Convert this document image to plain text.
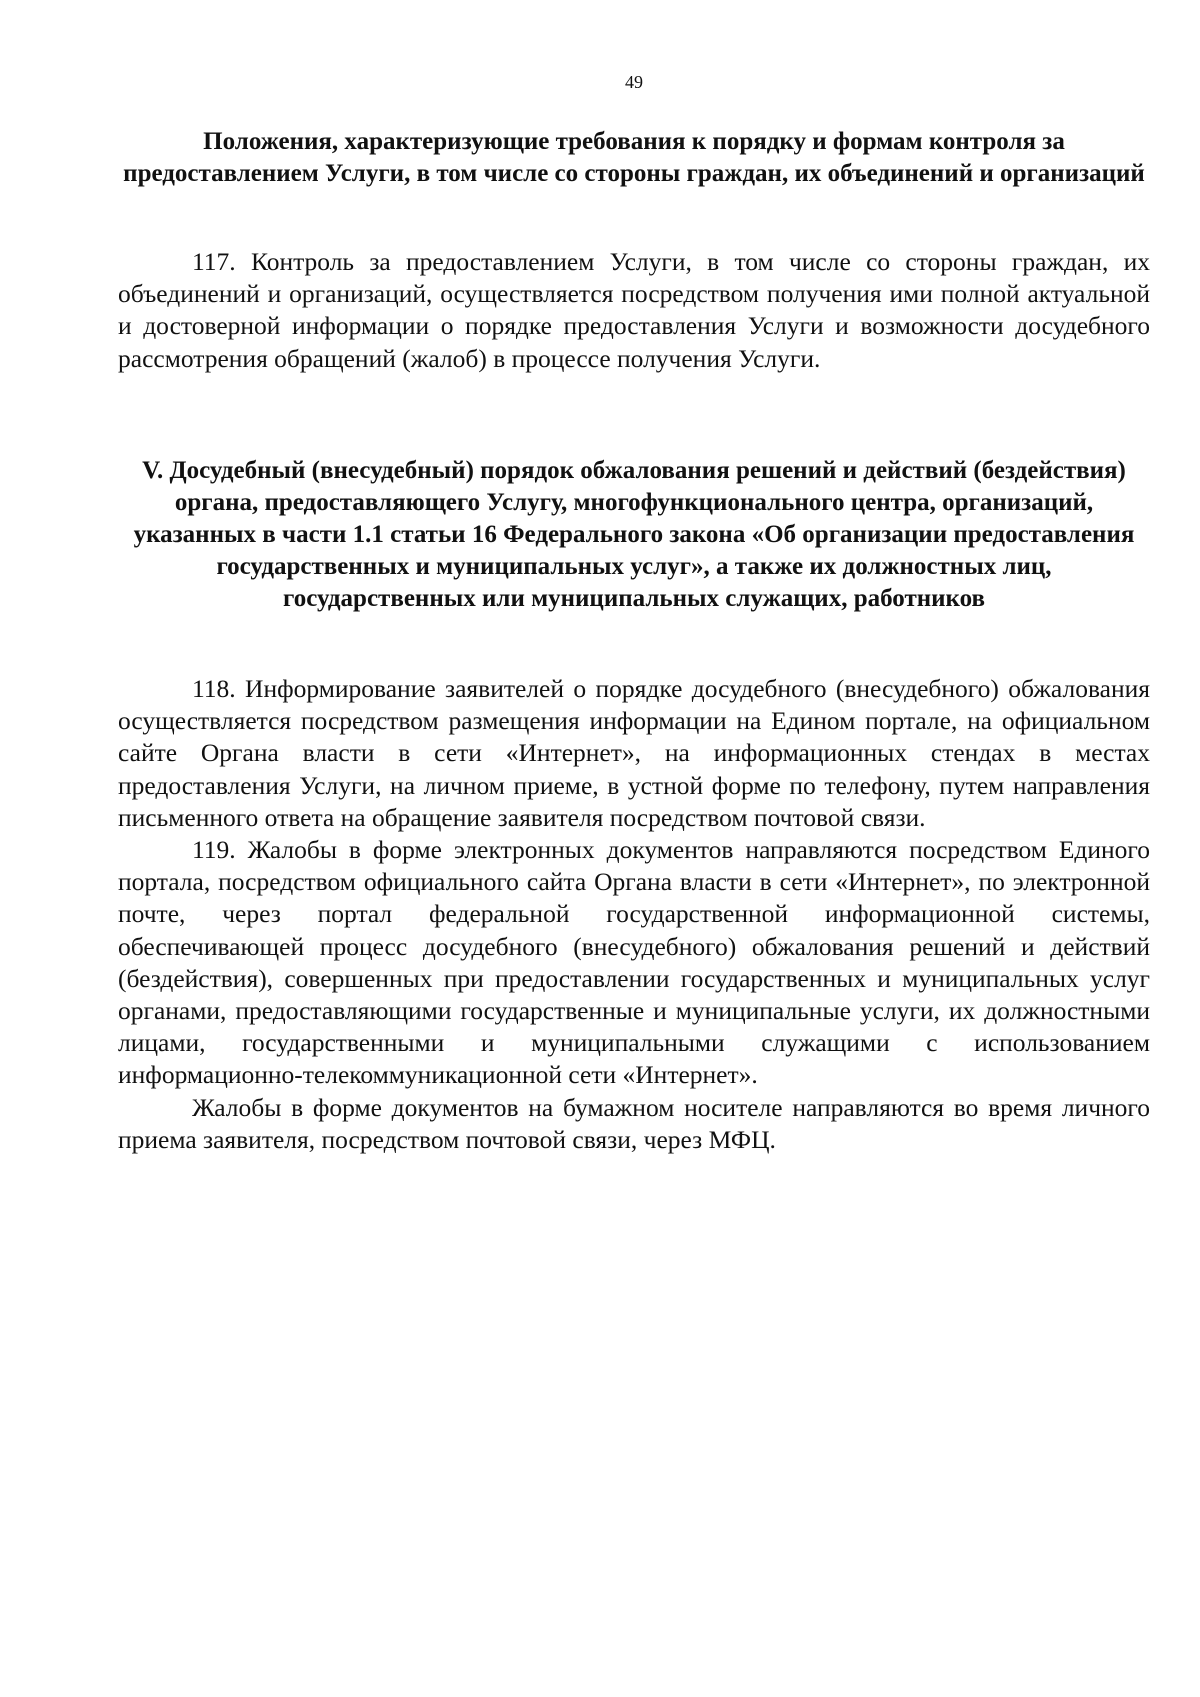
49
Положения, характеризующие требования к порядку и формам контроля за предоставлением Услуги, в том числе со стороны граждан, их объединений и организаций

117. Контроль за предоставлением Услуги, в том числе со стороны граждан, их объединений и организаций, осуществляется посредством получения ими полной актуальной и достоверной информации о порядке предоставления Услуги и возможности досудебного рассмотрения обращений (жалоб) в процессе получения Услуги.

V. Досудебный (внесудебный) порядок обжалования решений и действий (бездействия) органа, предоставляющего Услугу, многофункционального центра, организаций, указанных в части 1.1 статьи 16 Федерального закона «Об организации предоставления государственных и муниципальных услуг», а также их должностных лиц, государственных или муниципальных служащих, работников

118. Информирование заявителей о порядке досудебного (внесудебного) обжалования осуществляется посредством размещения информации на Едином портале, на официальном сайте Органа власти в сети «Интернет», на информационных стендах в местах предоставления Услуги, на личном приеме, в устной форме по телефону, путем направления письменного ответа на обращение заявителя посредством почтовой связи.

119. Жалобы в форме электронных документов направляются посредством Единого портала, посредством официального сайта Органа власти в сети «Интернет», по электронной почте, через портал федеральной государственной информационной системы, обеспечивающей процесс досудебного (внесудебного) обжалования решений и действий (бездействия), совершенных при предоставлении государственных и муниципальных услуг органами, предоставляющими государственные и муниципальные услуги, их должностными лицами, государственными и муниципальными служащими с использованием информационно-телекоммуникационной сети «Интернет».

Жалобы в форме документов на бумажном носителе направляются во время личного приема заявителя, посредством почтовой связи, через МФЦ.
